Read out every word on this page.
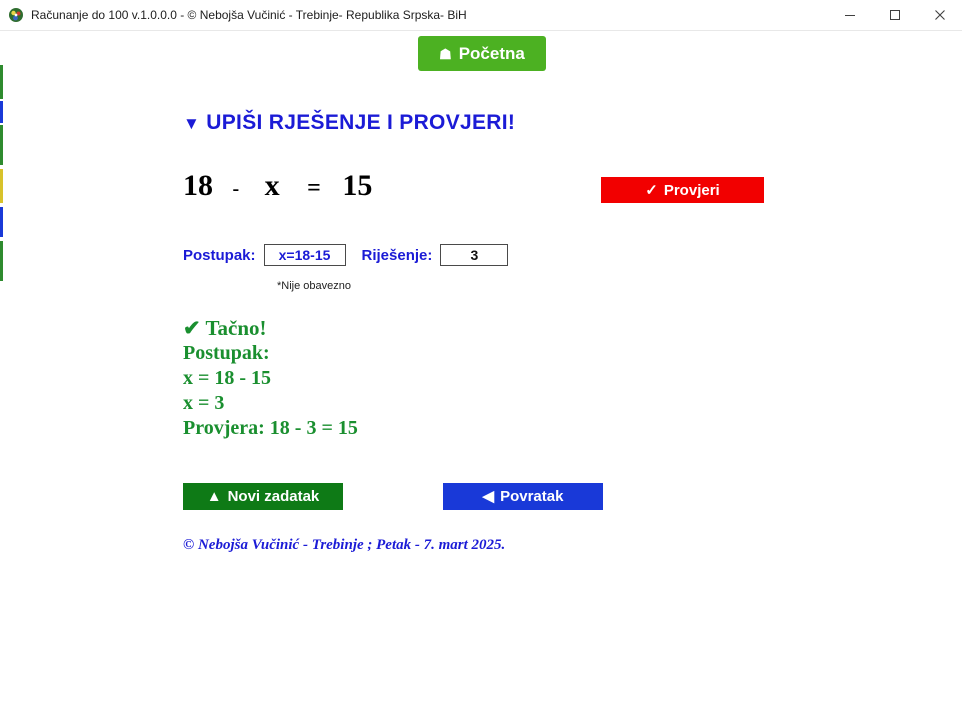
Računanje do 100 v.1.0.0.0 - © Nebojša Vučinić - Trebinje- Republika Srpska- BiH
☗ Početna
▼ UPIŠI RJEŠENJE I PROVJERI!
18 - x = 15	✓ Provjeri
Postupak:
x=18-15	Riješenje:
3
*Nije obavezno
✔ Tačno!
Postupak:
x = 18 - 15
x = 3
Provjera: 18 - 3 = 15
▲ Novi zadatak	◀ Povratak
© Nebojša Vučinić - Trebinje ; Petak - 7. mart 2025.
